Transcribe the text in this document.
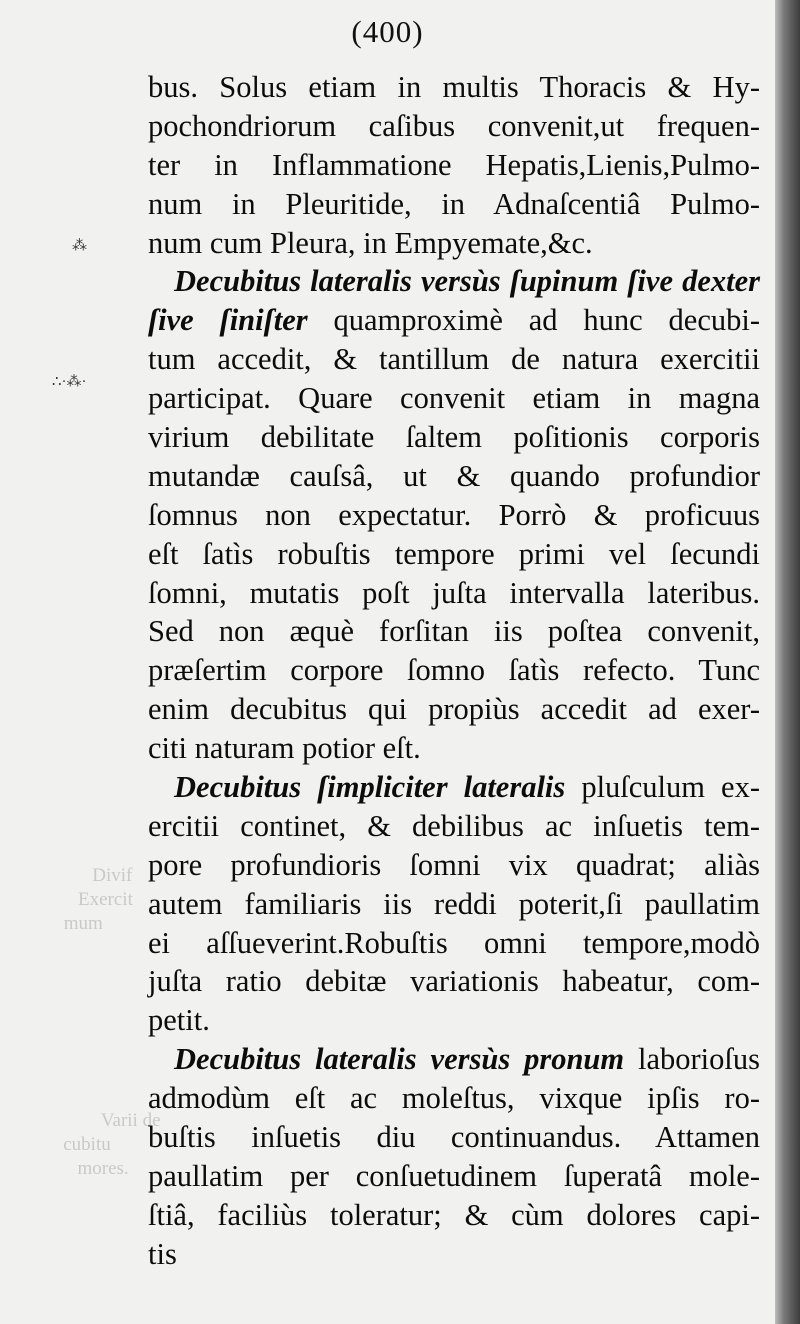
Divif
Exercit
mum

Varii de
cubitu
mores.

⁂
∴·⁂·
(400)
bus. Solus etiam in multis Thoracis & Hy-
pochondriorum caſibus convenit,ut frequen-
ter in Inflammatione Hepatis,Lienis,Pulmo-
num in Pleuritide, in Adnaſcentiâ Pulmo-
num cum Pleura, in Empyemate,&c.
Decubitus lateralis versùs ſupinum ſive dexter
ſive ſiniſter quamproximè ad hunc decubi-
tum accedit, & tantillum de natura exercitii
participat. Quare convenit etiam in magna
virium debilitate ſaltem poſitionis corporis
mutandæ cauſsâ, ut & quando profundior
ſomnus non expectatur. Porrò & proficuus
eſt ſatìs robuſtis tempore primi vel ſecundi
ſomni, mutatis poſt juſta intervalla lateribus.
Sed non æquè forſitan iis poſtea convenit,
præſertim corpore ſomno ſatìs refecto. Tunc
enim decubitus qui propiùs accedit ad exer-
citi naturam potior eſt.
Decubitus ſimpliciter lateralis pluſculum ex-
ercitii continet, & debilibus ac inſuetis tem-
pore profundioris ſomni vix quadrat; aliàs
autem familiaris iis reddi poterit,ſi paullatim
ei aſſueverint.Robuſtis omni tempore,modò
juſta ratio debitæ variationis habeatur, com-
petit.
Decubitus lateralis versùs pronum laborioſus
admodùm eſt ac moleſtus, vixque ipſis ro-
buſtis inſuetis diu continuandus. Attamen
paullatim per conſuetudinem ſuperatâ mole-
ſtiâ, faciliùs toleratur; & cùm dolores capi-
tis
